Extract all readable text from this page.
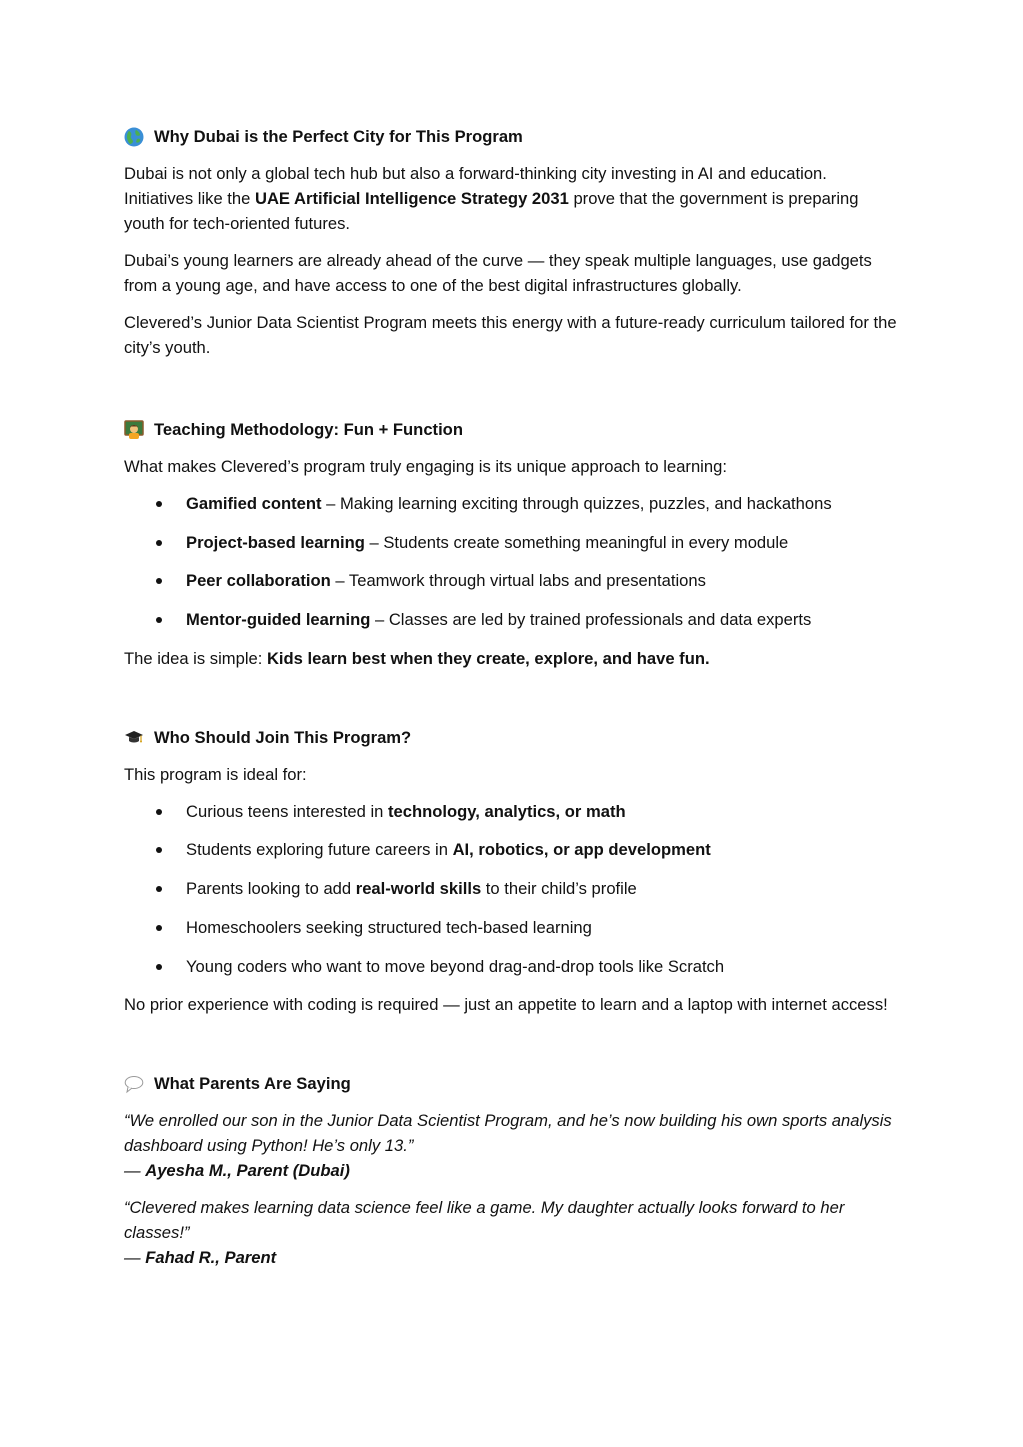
Why Dubai is the Perfect City for This Program

Dubai is not only a global tech hub but also a forward-thinking city investing in AI and education. Initiatives like the UAE Artificial Intelligence Strategy 2031 prove that the government is preparing youth for tech-oriented futures.

Dubai’s young learners are already ahead of the curve — they speak multiple languages, use gadgets from a young age, and have access to one of the best digital infrastructures globally.

Clevered’s Junior Data Scientist Program meets this energy with a future-ready curriculum tailored for the city’s youth.

Teaching Methodology: Fun + Function

What makes Clevered’s program truly engaging is its unique approach to learning:

Gamified content – Making learning exciting through quizzes, puzzles, and hackathons
Project-based learning – Students create something meaningful in every module
Peer collaboration – Teamwork through virtual labs and presentations
Mentor-guided learning – Classes are led by trained professionals and data experts

The idea is simple: Kids learn best when they create, explore, and have fun.

Who Should Join This Program?

This program is ideal for:

Curious teens interested in technology, analytics, or math
Students exploring future careers in AI, robotics, or app development
Parents looking to add real-world skills to their child’s profile
Homeschoolers seeking structured tech-based learning
Young coders who want to move beyond drag-and-drop tools like Scratch

No prior experience with coding is required — just an appetite to learn and a laptop with internet access!

What Parents Are Saying

“We enrolled our son in the Junior Data Scientist Program, and he’s now building his own sports analysis dashboard using Python! He’s only 13.”
— Ayesha M., Parent (Dubai)

“Clevered makes learning data science feel like a game. My daughter actually looks forward to her classes!”
— Fahad R., Parent
